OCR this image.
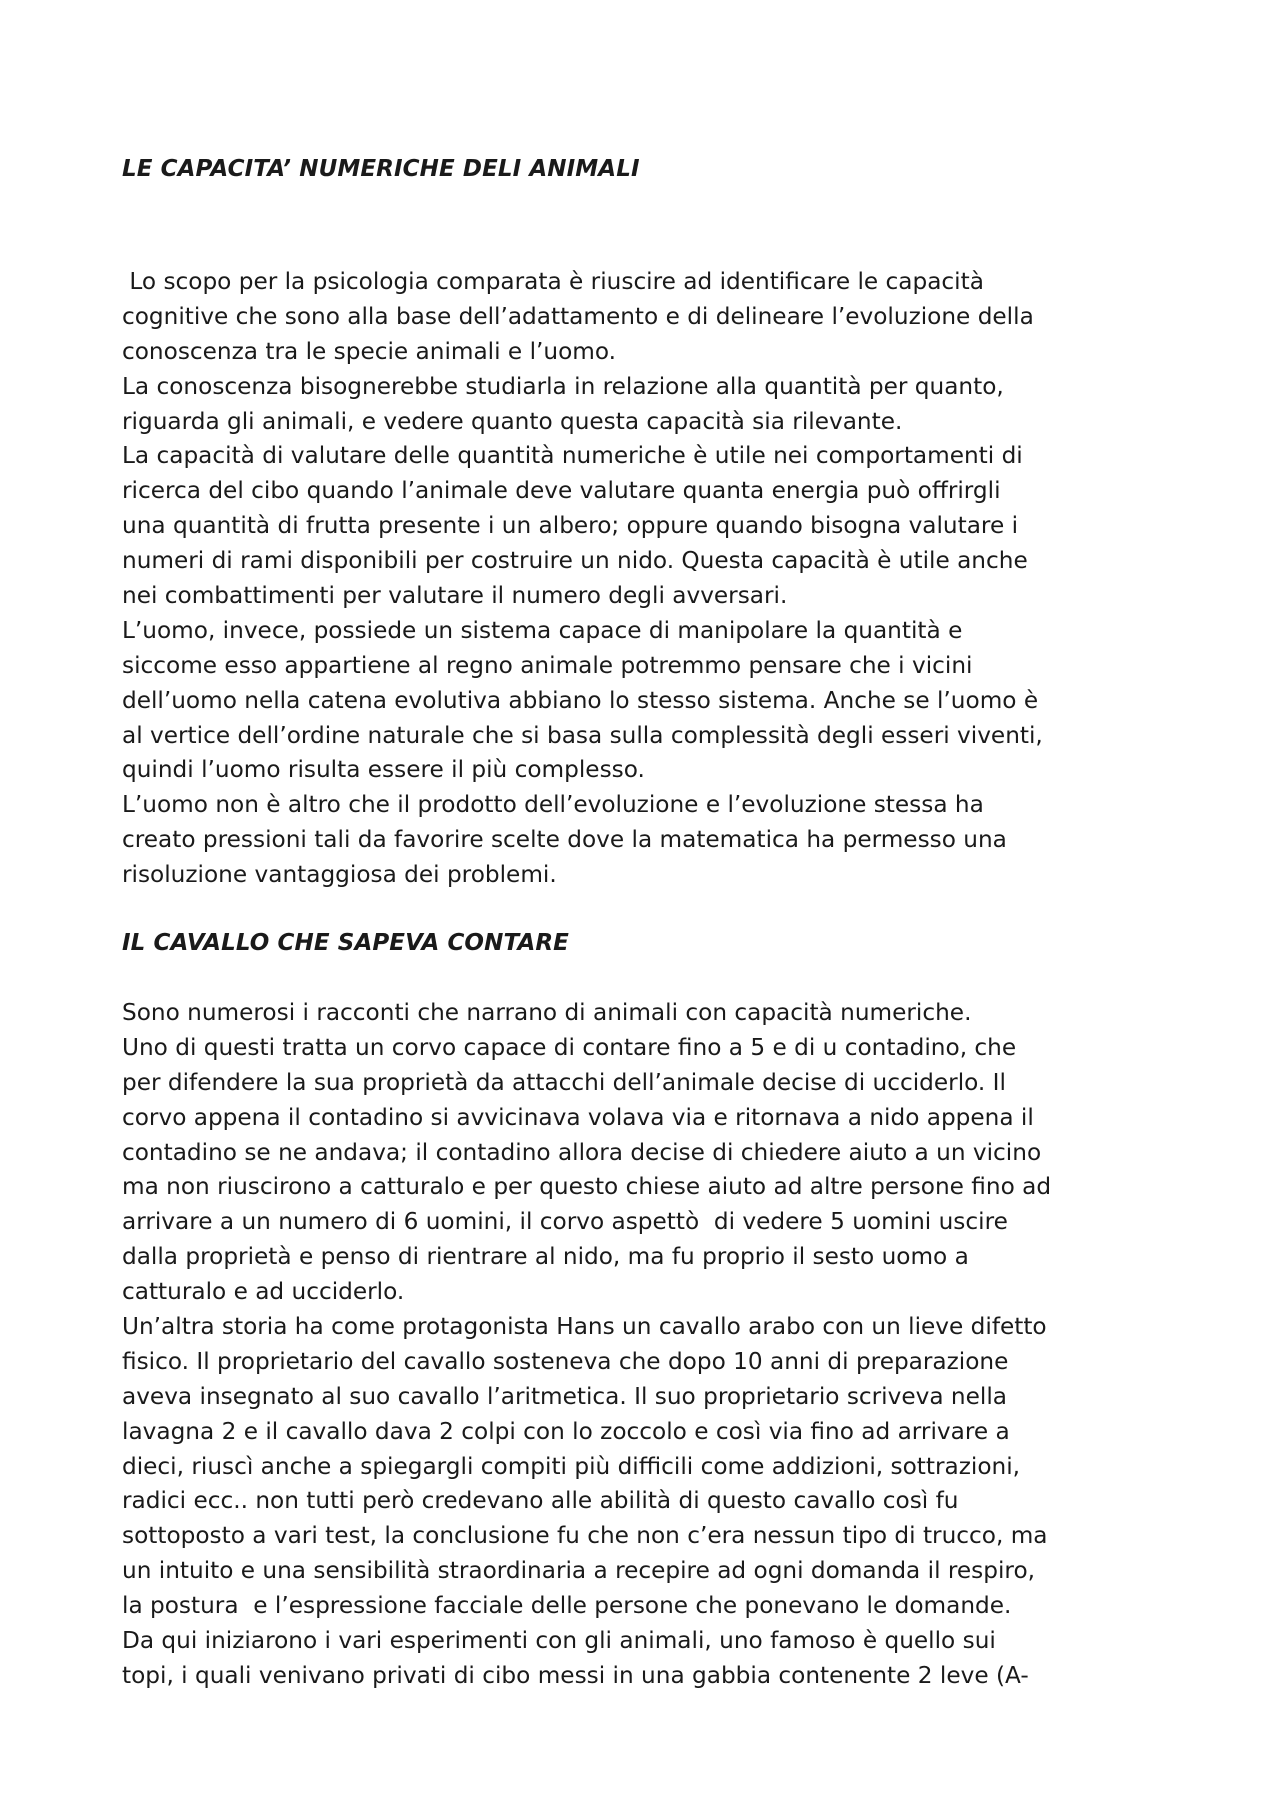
LE CAPACITA’ NUMERICHE DELI ANIMALI
Lo scopo per la psicologia comparata è riuscire ad identificare le capacità
cognitive che sono alla base dell’adattamento e di delineare l’evoluzione della
conoscenza tra le specie animali e l’uomo.
La conoscenza bisognerebbe studiarla in relazione alla quantità per quanto,
riguarda gli animali, e vedere quanto questa capacità sia rilevante.
La capacità di valutare delle quantità numeriche è utile nei comportamenti di
ricerca del cibo quando l’animale deve valutare quanta energia può offrirgli
una quantità di frutta presente i un albero; oppure quando bisogna valutare i
numeri di rami disponibili per costruire un nido. Questa capacità è utile anche
nei combattimenti per valutare il numero degli avversari.
L’uomo, invece, possiede un sistema capace di manipolare la quantità e
siccome esso appartiene al regno animale potremmo pensare che i vicini
dell’uomo nella catena evolutiva abbiano lo stesso sistema. Anche se l’uomo è
al vertice dell’ordine naturale che si basa sulla complessità degli esseri viventi,
quindi l’uomo risulta essere il più complesso.
L’uomo non è altro che il prodotto dell’evoluzione e l’evoluzione stessa ha
creato pressioni tali da favorire scelte dove la matematica ha permesso una
risoluzione vantaggiosa dei problemi.
IL CAVALLO CHE SAPEVA CONTARE
Sono numerosi i racconti che narrano di animali con capacità numeriche.
Uno di questi tratta un corvo capace di contare fino a 5 e di u contadino, che
per difendere la sua proprietà da attacchi dell’animale decise di ucciderlo. Il
corvo appena il contadino si avvicinava volava via e ritornava a nido appena il
contadino se ne andava; il contadino allora decise di chiedere aiuto a un vicino
ma non riuscirono a catturalo e per questo chiese aiuto ad altre persone fino ad
arrivare a un numero di 6 uomini, il corvo aspettò  di vedere 5 uomini uscire
dalla proprietà e penso di rientrare al nido, ma fu proprio il sesto uomo a
catturalo e ad ucciderlo.
Un’altra storia ha come protagonista Hans un cavallo arabo con un lieve difetto
fisico. Il proprietario del cavallo sosteneva che dopo 10 anni di preparazione
aveva insegnato al suo cavallo l’aritmetica. Il suo proprietario scriveva nella
lavagna 2 e il cavallo dava 2 colpi con lo zoccolo e così via fino ad arrivare a
dieci, riuscì anche a spiegargli compiti più difficili come addizioni, sottrazioni,
radici ecc.. non tutti però credevano alle abilità di questo cavallo così fu
sottoposto a vari test, la conclusione fu che non c’era nessun tipo di trucco, ma
un intuito e una sensibilità straordinaria a recepire ad ogni domanda il respiro,
la postura  e l’espressione facciale delle persone che ponevano le domande.
Da qui iniziarono i vari esperimenti con gli animali, uno famoso è quello sui
topi, i quali venivano privati di cibo messi in una gabbia contenente 2 leve (A-
